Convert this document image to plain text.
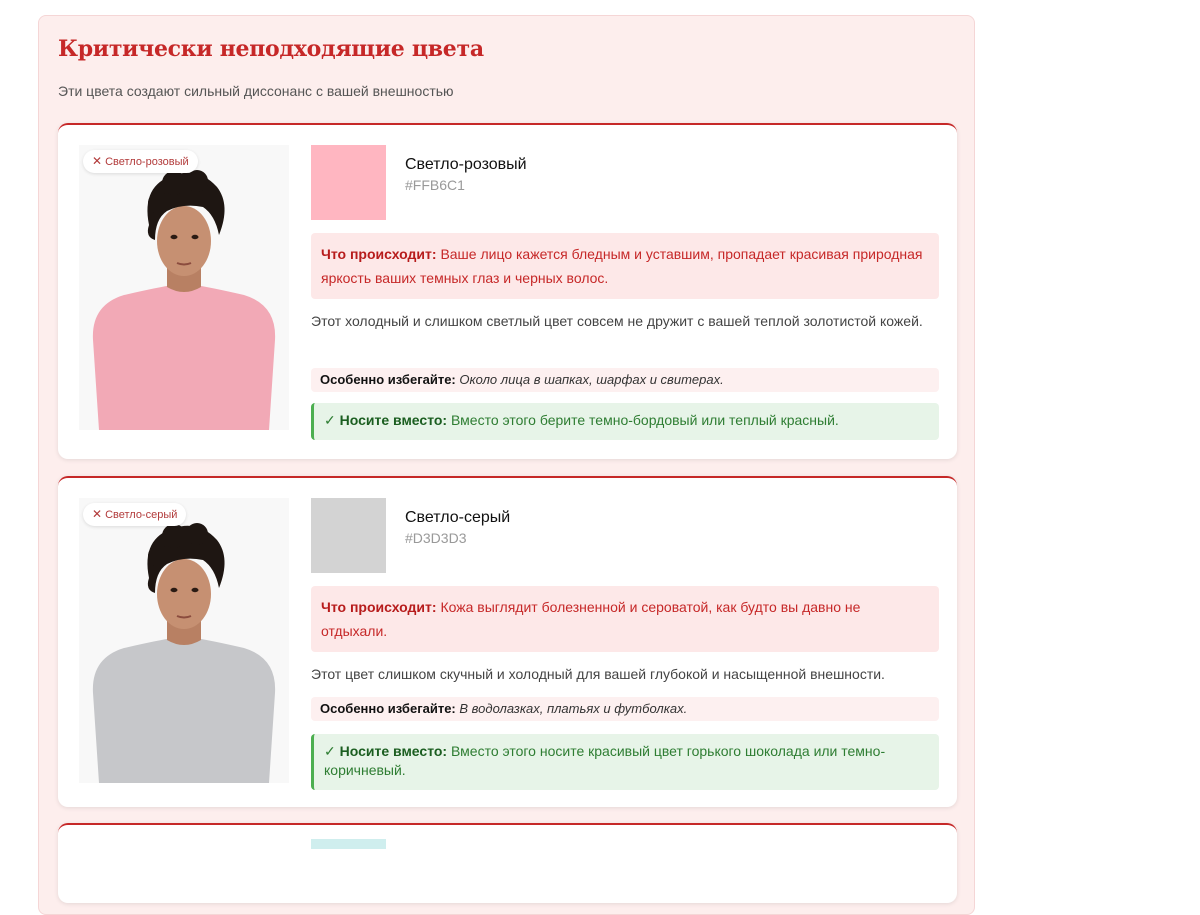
Критически неподходящие цвета

Эти цвета создают сильный диссонанс с вашей внешностью

✕ Светло-розовый	Светло-розовый
#FFB6C1
Что происходит: Ваше лицо кажется бледным и уставшим, пропадает красивая природная яркость ваших темных глаз и черных волос.
Этот холодный и слишком светлый цвет совсем не дружит с вашей теплой золотистой кожей.
Особенно избегайте: Около лица в шапках, шарфах и свитерах.
✓ Носите вместо: Вместо этого берите темно-бордовый или теплый красный.
✕ Светло-серый	Светло-серый
#D3D3D3
Что происходит: Кожа выглядит болезненной и сероватой, как будто вы давно не отдыхали.
Этот цвет слишком скучный и холодный для вашей глубокой и насыщенной внешности.
Особенно избегайте: В водолазках, платьях и футболках.
✓ Носите вместо: Вместо этого носите красивый цвет горького шоколада или темно-коричневый.
